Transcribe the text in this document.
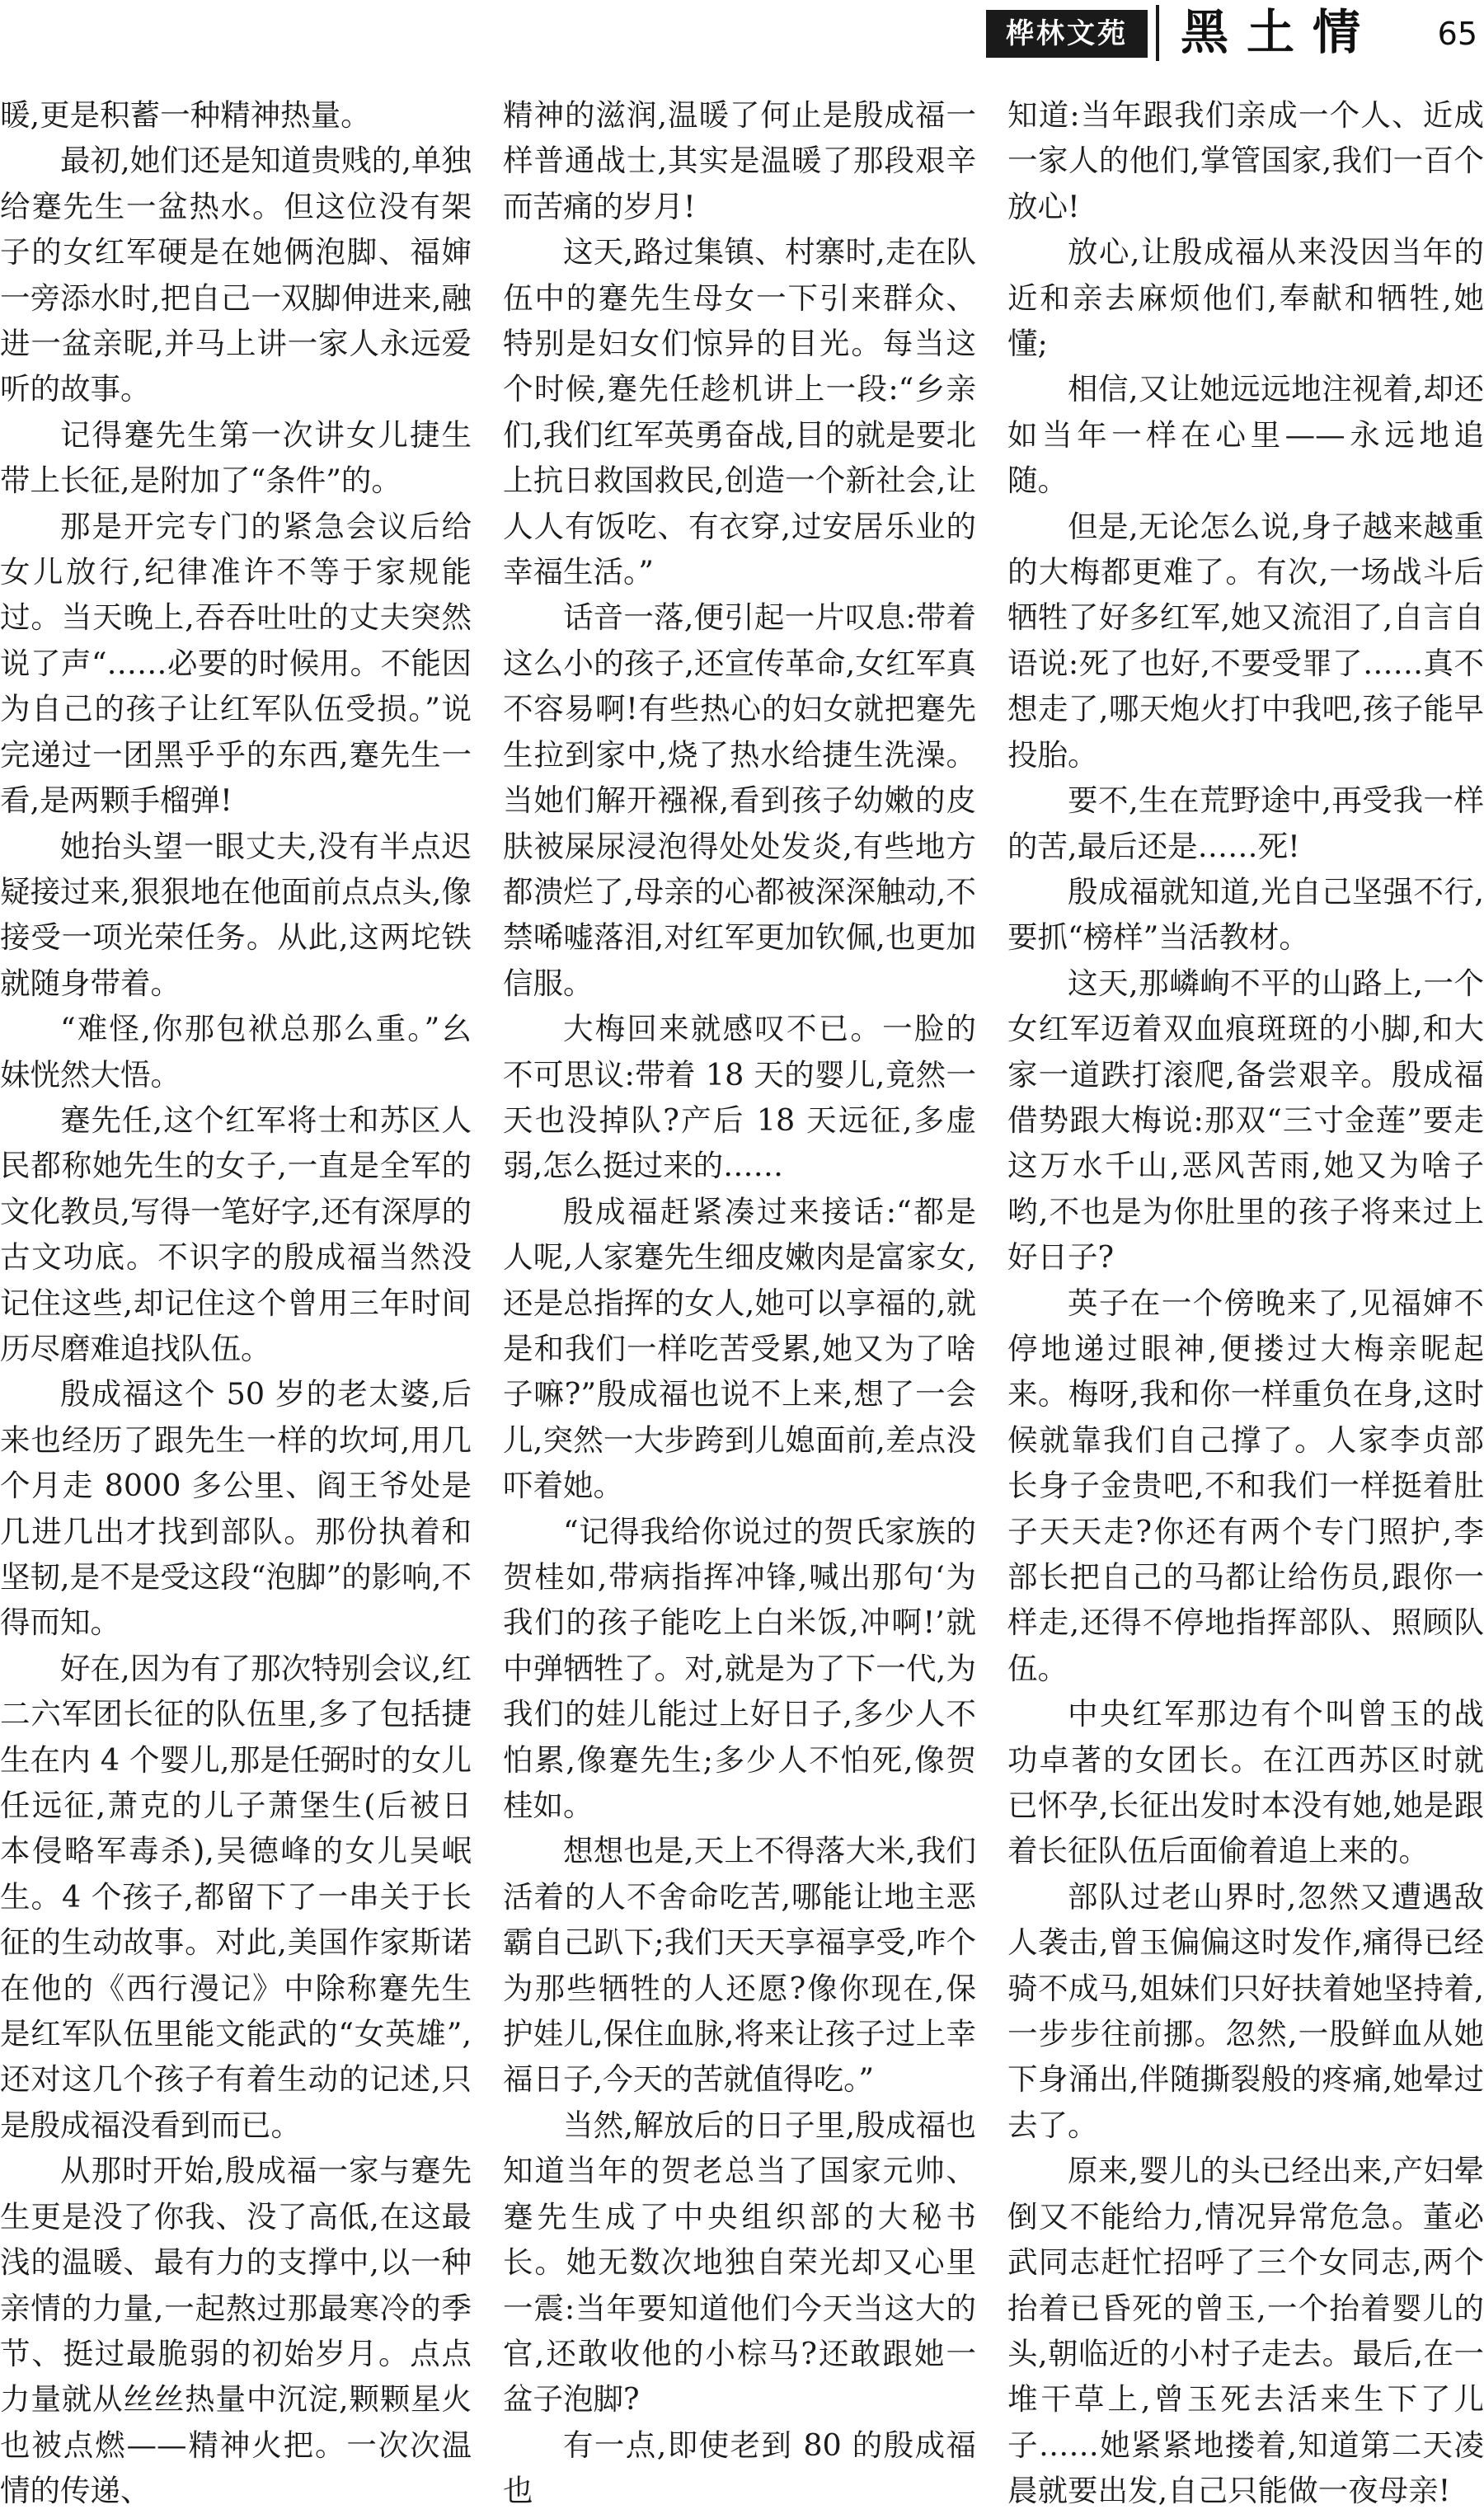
桦林文苑	黑土情 65

暖,更是积蓄一种精神热量。

最初,她们还是知道贵贱的,单独给蹇先生一盆热水。但这位没有架子的女红军硬是在她俩泡脚、福婶一旁添水时,把自己一双脚伸进来,融进一盆亲昵,并马上讲一家人永远爱听的故事。

记得蹇先生第一次讲女儿捷生带上长征,是附加了“条件”的。

那是开完专门的紧急会议后给女儿放行,纪律准许不等于家规能过。当天晚上,吞吞吐吐的丈夫突然说了声“……必要的时候用。不能因为自己的孩子让红军队伍受损。”说完递过一团黑乎乎的东西,蹇先生一看,是两颗手榴弹!

她抬头望一眼丈夫,没有半点迟疑接过来,狠狠地在他面前点点头,像接受一项光荣任务。从此,这两坨铁就随身带着。

“难怪,你那包袱总那么重。”幺妹恍然大悟。

蹇先任,这个红军将士和苏区人民都称她先生的女子,一直是全军的文化教员,写得一笔好字,还有深厚的古文功底。不识字的殷成福当然没记住这些,却记住这个曾用三年时间历尽磨难追找队伍。

殷成福这个 50 岁的老太婆,后来也经历了跟先生一样的坎坷,用几个月走 8000 多公里、阎王爷处是几进几出才找到部队。那份执着和坚韧,是不是受这段“泡脚”的影响,不得而知。

好在,因为有了那次特别会议,红二六军团长征的队伍里,多了包括捷生在内 4 个婴儿,那是任弼时的女儿任远征,萧克的儿子萧堡生(后被日本侵略军毒杀),吴德峰的女儿吴岷生。4 个孩子,都留下了一串关于长征的生动故事。对此,美国作家斯诺在他的《西行漫记》中除称蹇先生是红军队伍里能文能武的“女英雄”,还对这几个孩子有着生动的记述,只是殷成福没看到而已。

从那时开始,殷成福一家与蹇先生更是没了你我、没了高低,在这最浅的温暖、最有力的支撑中,以一种亲情的力量,一起熬过那最寒冷的季节、挺过最脆弱的初始岁月。点点力量就从丝丝热量中沉淀,颗颗星火也被点燃——精神火把。一次次温情的传递、

精神的滋润,温暖了何止是殷成福一样普通战士,其实是温暖了那段艰辛而苦痛的岁月!

这天,路过集镇、村寨时,走在队伍中的蹇先生母女一下引来群众、特别是妇女们惊异的目光。每当这个时候,蹇先任趁机讲上一段:“乡亲们,我们红军英勇奋战,目的就是要北上抗日救国救民,创造一个新社会,让人人有饭吃、有衣穿,过安居乐业的幸福生活。”

话音一落,便引起一片叹息:带着这么小的孩子,还宣传革命,女红军真不容易啊!有些热心的妇女就把蹇先生拉到家中,烧了热水给捷生洗澡。当她们解开襁褓,看到孩子幼嫩的皮肤被屎尿浸泡得处处发炎,有些地方都溃烂了,母亲的心都被深深触动,不禁唏嘘落泪,对红军更加钦佩,也更加信服。

大梅回来就感叹不已。一脸的不可思议:带着 18 天的婴儿,竟然一天也没掉队?产后 18 天远征,多虚弱,怎么挺过来的……

殷成福赶紧凑过来接话:“都是人呢,人家蹇先生细皮嫩肉是富家女,还是总指挥的女人,她可以享福的,就是和我们一样吃苦受累,她又为了啥子嘛?”殷成福也说不上来,想了一会儿,突然一大步跨到儿媳面前,差点没吓着她。

“记得我给你说过的贺氏家族的贺桂如,带病指挥冲锋,喊出那句‘为我们的孩子能吃上白米饭,冲啊!’就中弹牺牲了。对,就是为了下一代,为我们的娃儿能过上好日子,多少人不怕累,像蹇先生;多少人不怕死,像贺桂如。

想想也是,天上不得落大米,我们活着的人不舍命吃苦,哪能让地主恶霸自己趴下;我们天天享福享受,咋个为那些牺牲的人还愿?像你现在,保护娃儿,保住血脉,将来让孩子过上幸福日子,今天的苦就值得吃。”

当然,解放后的日子里,殷成福也知道当年的贺老总当了国家元帅、蹇先生成了中央组织部的大秘书长。她无数次地独自荣光却又心里一震:当年要知道他们今天当这大的官,还敢收他的小棕马?还敢跟她一盆子泡脚?

有一点,即使老到 80 的殷成福也

知道:当年跟我们亲成一个人、近成一家人的他们,掌管国家,我们一百个放心!

放心,让殷成福从来没因当年的近和亲去麻烦他们,奉献和牺牲,她懂;

相信,又让她远远地注视着,却还如当年一样在心里——永远地追随。

但是,无论怎么说,身子越来越重的大梅都更难了。有次,一场战斗后牺牲了好多红军,她又流泪了,自言自语说:死了也好,不要受罪了……真不想走了,哪天炮火打中我吧,孩子能早投胎。

要不,生在荒野途中,再受我一样的苦,最后还是……死!

殷成福就知道,光自己坚强不行,要抓“榜样”当活教材。

这天,那嶙峋不平的山路上,一个女红军迈着双血痕斑斑的小脚,和大家一道跌打滚爬,备尝艰辛。殷成福借势跟大梅说:那双“三寸金莲”要走这万水千山,恶风苦雨,她又为啥子哟,不也是为你肚里的孩子将来过上好日子?

英子在一个傍晚来了,见福婶不停地递过眼神,便搂过大梅亲昵起来。梅呀,我和你一样重负在身,这时候就靠我们自己撑了。人家李贞部长身子金贵吧,不和我们一样挺着肚子天天走?你还有两个专门照护,李部长把自己的马都让给伤员,跟你一样走,还得不停地指挥部队、照顾队伍。

中央红军那边有个叫曾玉的战功卓著的女团长。在江西苏区时就已怀孕,长征出发时本没有她,她是跟着长征队伍后面偷着追上来的。

部队过老山界时,忽然又遭遇敌人袭击,曾玉偏偏这时发作,痛得已经骑不成马,姐妹们只好扶着她坚持着,一步步往前挪。忽然,一股鲜血从她下身涌出,伴随撕裂般的疼痛,她晕过去了。

原来,婴儿的头已经出来,产妇晕倒又不能给力,情况异常危急。董必武同志赶忙招呼了三个女同志,两个抬着已昏死的曾玉,一个抬着婴儿的头,朝临近的小村子走去。最后,在一堆干草上,曾玉死去活来生下了儿子……她紧紧地搂着,知道第二天凌晨就要出发,自己只能做一夜母亲!
